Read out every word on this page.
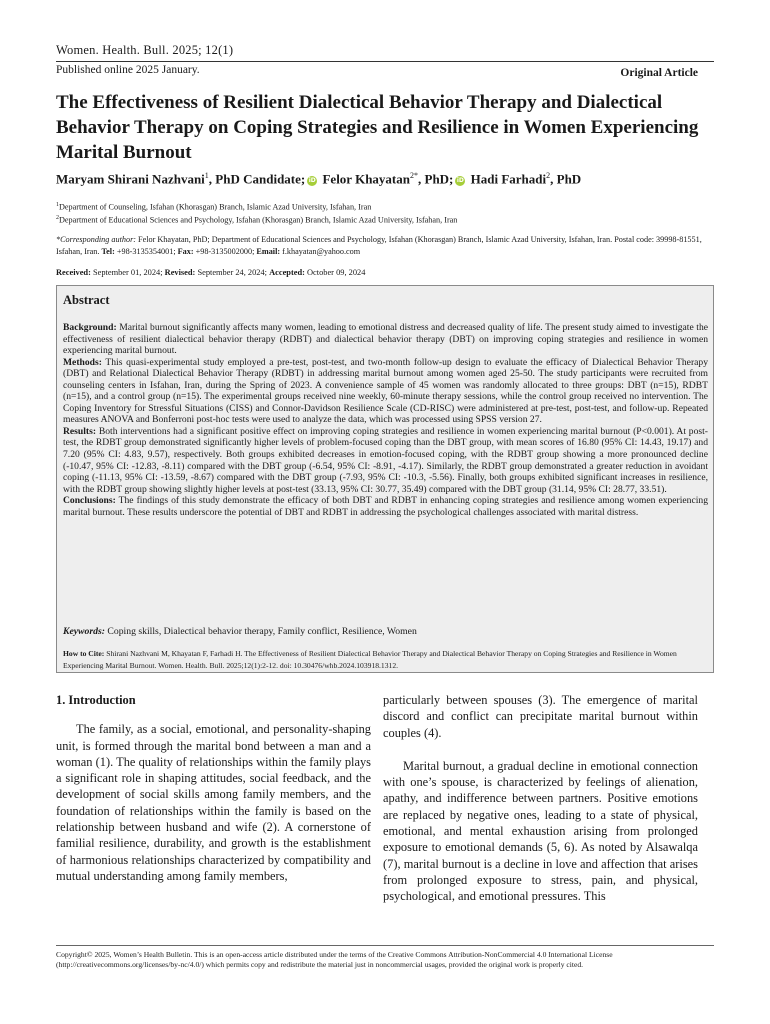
Women. Health. Bull. 2025; 12(1)
Published online 2025 January.	Original Article
The Effectiveness of Resilient Dialectical Behavior Therapy and Dialectical Behavior Therapy on Coping Strategies and Resilience in Women Experiencing Marital Burnout
Maryam Shirani Nazhvani$^1$, PhD Candidate; iD Felor Khayatan$^{2*}$, PhD; iD Hadi Farhadi$^2$, PhD
$^1$Department of Counseling, Isfahan (Khorasgan) Branch, Islamic Azad University, Isfahan, Iran
$^2$Department of Educational Sciences and Psychology, Isfahan (Khorasgan) Branch, Islamic Azad University, Isfahan, Iran
*Corresponding author: Felor Khayatan, PhD; Department of Educational Sciences and Psychology, Isfahan (Khorasgan) Branch, Islamic Azad University, Isfahan, Iran. Postal code: 39998-81551, Isfahan, Iran. Tel: +98-3135354001; Fax: +98-3135002000; Email: f.khayatan@yahoo.com
Received: September 01, 2024; Revised: September 24, 2024; Accepted: October 09, 2024
Abstract

Background: Marital burnout significantly affects many women, leading to emotional distress and decreased quality of life. The present study aimed to investigate the effectiveness of resilient dialectical behavior therapy (RDBT) and dialectical behavior therapy (DBT) on improving coping strategies and resilience in women experiencing marital burnout.

Methods: This quasi-experimental study employed a pre-test, post-test, and two-month follow-up design to evaluate the efficacy of Dialectical Behavior Therapy (DBT) and Relational Dialectical Behavior Therapy (RDBT) in addressing marital burnout among women aged 25-50. The study participants were recruited from counseling centers in Isfahan, Iran, during the Spring of 2023. A convenience sample of 45 women was randomly allocated to three groups: DBT (n=15), RDBT (n=15), and a control group (n=15). The experimental groups received nine weekly, 60-minute therapy sessions, while the control group received no intervention. The Coping Inventory for Stressful Situations (CISS) and Connor-Davidson Resilience Scale (CD-RISC) were administered at pre-test, post-test, and follow-up. Repeated measures ANOVA and Bonferroni post-hoc tests were used to analyze the data, which was processed using SPSS version 27.

Results: Both interventions had a significant positive effect on improving coping strategies and resilience in women experiencing marital burnout (P<0.001). At post-test, the RDBT group demonstrated significantly higher levels of problem-focused coping than the DBT group, with mean scores of 16.80 (95% CI: 14.43, 19.17) and 7.20 (95% CI: 4.83, 9.57), respectively. Both groups exhibited decreases in emotion-focused coping, with the RDBT group showing a more pronounced decline (-10.47, 95% CI: -12.83, -8.11) compared with the DBT group (-6.54, 95% CI: -8.91, -4.17). Similarly, the RDBT group demonstrated a greater reduction in avoidant coping (-11.13, 95% CI: -13.59, -8.67) compared with the DBT group (-7.93, 95% CI: -10.3, -5.56). Finally, both groups exhibited significant increases in resilience, with the RDBT group showing slightly higher levels at post-test (33.13, 95% CI: 30.77, 35.49) compared with the DBT group (31.14, 95% CI: 28.77, 33.51).

Conclusions: The findings of this study demonstrate the efficacy of both DBT and RDBT in enhancing coping strategies and resilience among women experiencing marital burnout. These results underscore the potential of DBT and RDBT in addressing the psychological challenges associated with marital distress.

Keywords: Coping skills, Dialectical behavior therapy, Family conflict, Resilience, Women
How to Cite: Shirani Nazhvani M, Khayatan F, Farhadi H. The Effectiveness of Resilient Dialectical Behavior Therapy and Dialectical Behavior Therapy on Coping Strategies and Resilience in Women Experiencing Marital Burnout. Women. Health. Bull. 2025;12(1):2-12. doi: 10.30476/whb.2024.103918.1312.

1. Introduction

The family, as a social, emotional, and personality-shaping unit, is formed through the marital bond between a man and a woman (1). The quality of relationships within the family plays a significant role in shaping attitudes, social feedback, and the development of social skills among family members, and the foundation of relationships within the family is based on the relationship between husband and wife (2). A cornerstone of familial resilience, durability, and growth is the establishment of harmonious relationships characterized by compatibility and mutual understanding among family members,

particularly between spouses (3). The emergence of marital discord and conflict can precipitate marital burnout within couples (4).

Marital burnout, a gradual decline in emotional connection with one’s spouse, is characterized by feelings of alienation, apathy, and indifference between partners. Positive emotions are replaced by negative ones, leading to a state of physical, emotional, and mental exhaustion arising from prolonged exposure to emotional demands (5, 6). As noted by Alsawalqa (7), marital burnout is a decline in love and affection that arises from prolonged exposure to stress, pain, and physical, psychological, and emotional pressures. This

Copyright© 2025, Women’s Health Bulletin. This is an open-access article distributed under the terms of the Creative Commons Attribution-NonCommercial 4.0 International License (http://creativecommons.org/licenses/by-nc/4.0/) which permits copy and redistribute the material just in noncommercial usages, provided the original work is properly cited.
